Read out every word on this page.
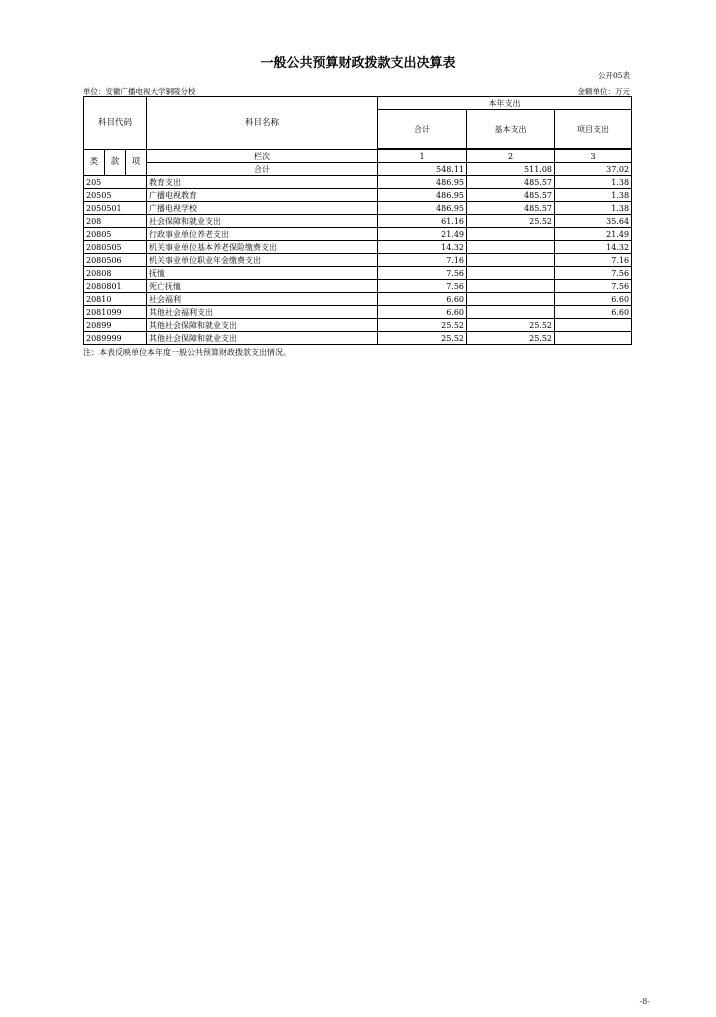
一般公共预算财政拨款支出决算表
公开05表
单位：安徽广播电视大学铜陵分校	金额单位：万元
科目代码			科目名称	本年支出		
				合计	基本支出	项目支出

类	款	项	栏次	1	2	3
			合计	548.11	511.08	37.02
205			教育支出	486.95	485.57	1.38
20505			广播电视教育	486.95	485.57	1.38
2050501			广播电视学校	486.95	485.57	1.38
208			社会保障和就业支出	61.16	25.52	35.64
20805			行政事业单位养老支出	21.49		21.49
2080505			机关事业单位基本养老保险缴费支出	14.32		14.32
2080506			机关事业单位职业年金缴费支出	7.16		7.16
20808			抚恤	7.56		7.56
2080801			死亡抚恤	7.56		7.56
20810			社会福利	6.60		6.60
2081099			其他社会福利支出	6.60		6.60
20899			其他社会保障和就业支出	25.52	25.52	
2089999			其他社会保障和就业支出	25.52	25.52	
注：本表反映单位本年度一般公共预算财政拨款支出情况。
-8-
